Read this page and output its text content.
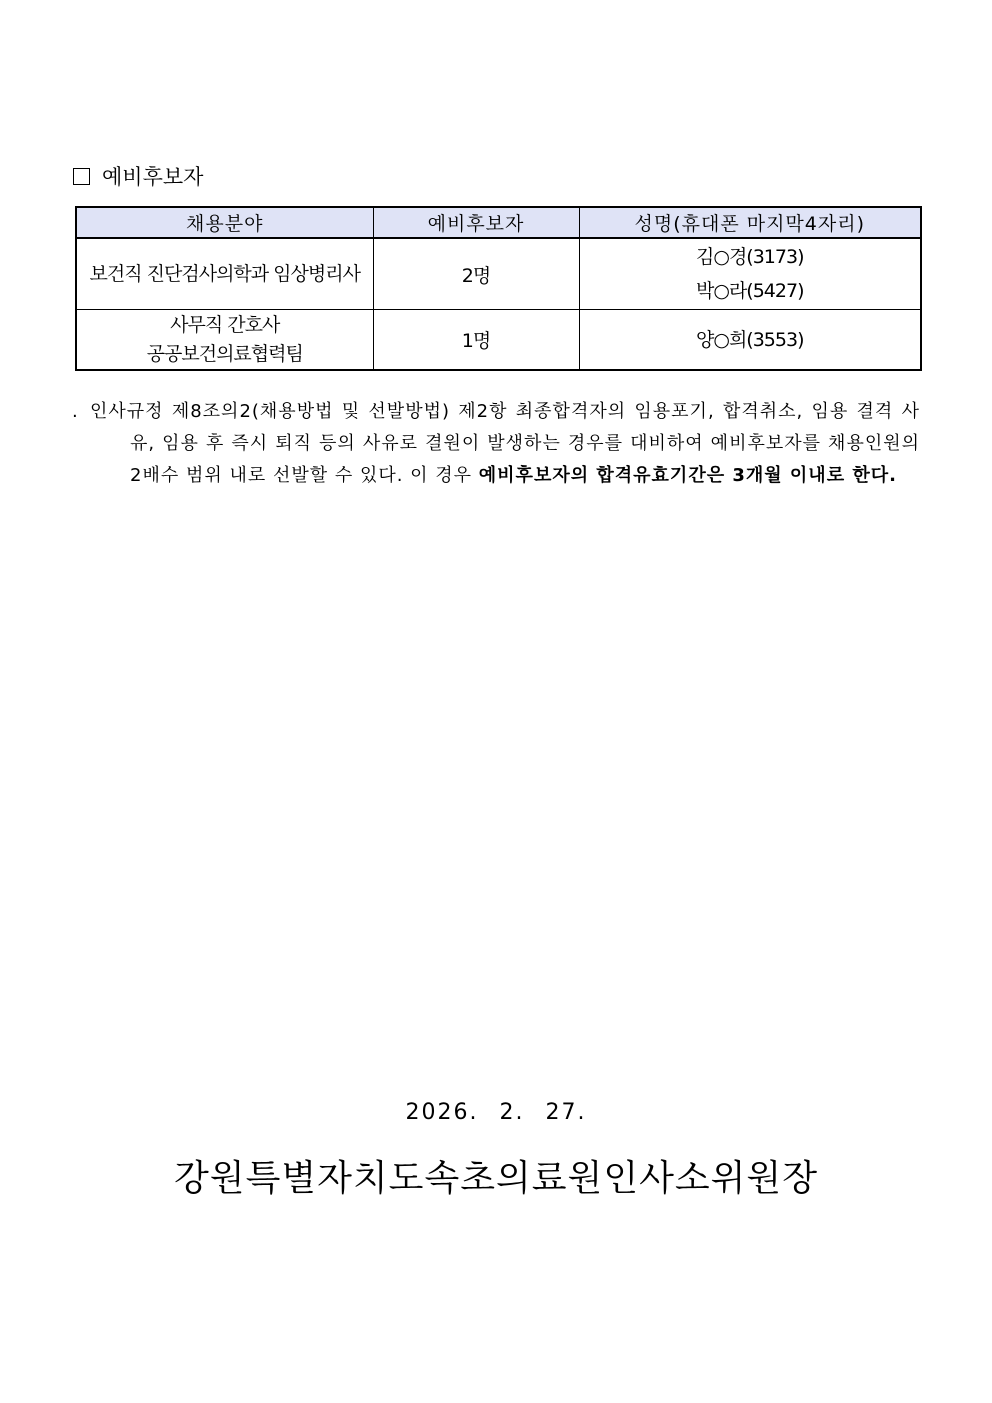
예비후보자
채용분야	예비후보자	성명(휴대폰 마지막4자리)

보건직 진단검사의학과 임상병리사	2명	김○경(3173)
박○라(5427)

사무직 간호사
공공보건의료협력팀	1명	양○희(3553)

. 인사규정 제8조의2(채용방법 및 선발방법) 제2항 최종합격자의 임용포기, 합격취소, 임용 결격 사유, 임용 후 즉시 퇴직 등의 사유로 결원이 발생하는 경우를 대비하여 예비후보자를 채용인원의 2배수 범위 내로 선발할 수 있다. 이 경우 예비후보자의 합격유효기간은 3개월 이내로 한다.

2026. 2. 27.
강원특별자치도속초의료원인사소위원장
